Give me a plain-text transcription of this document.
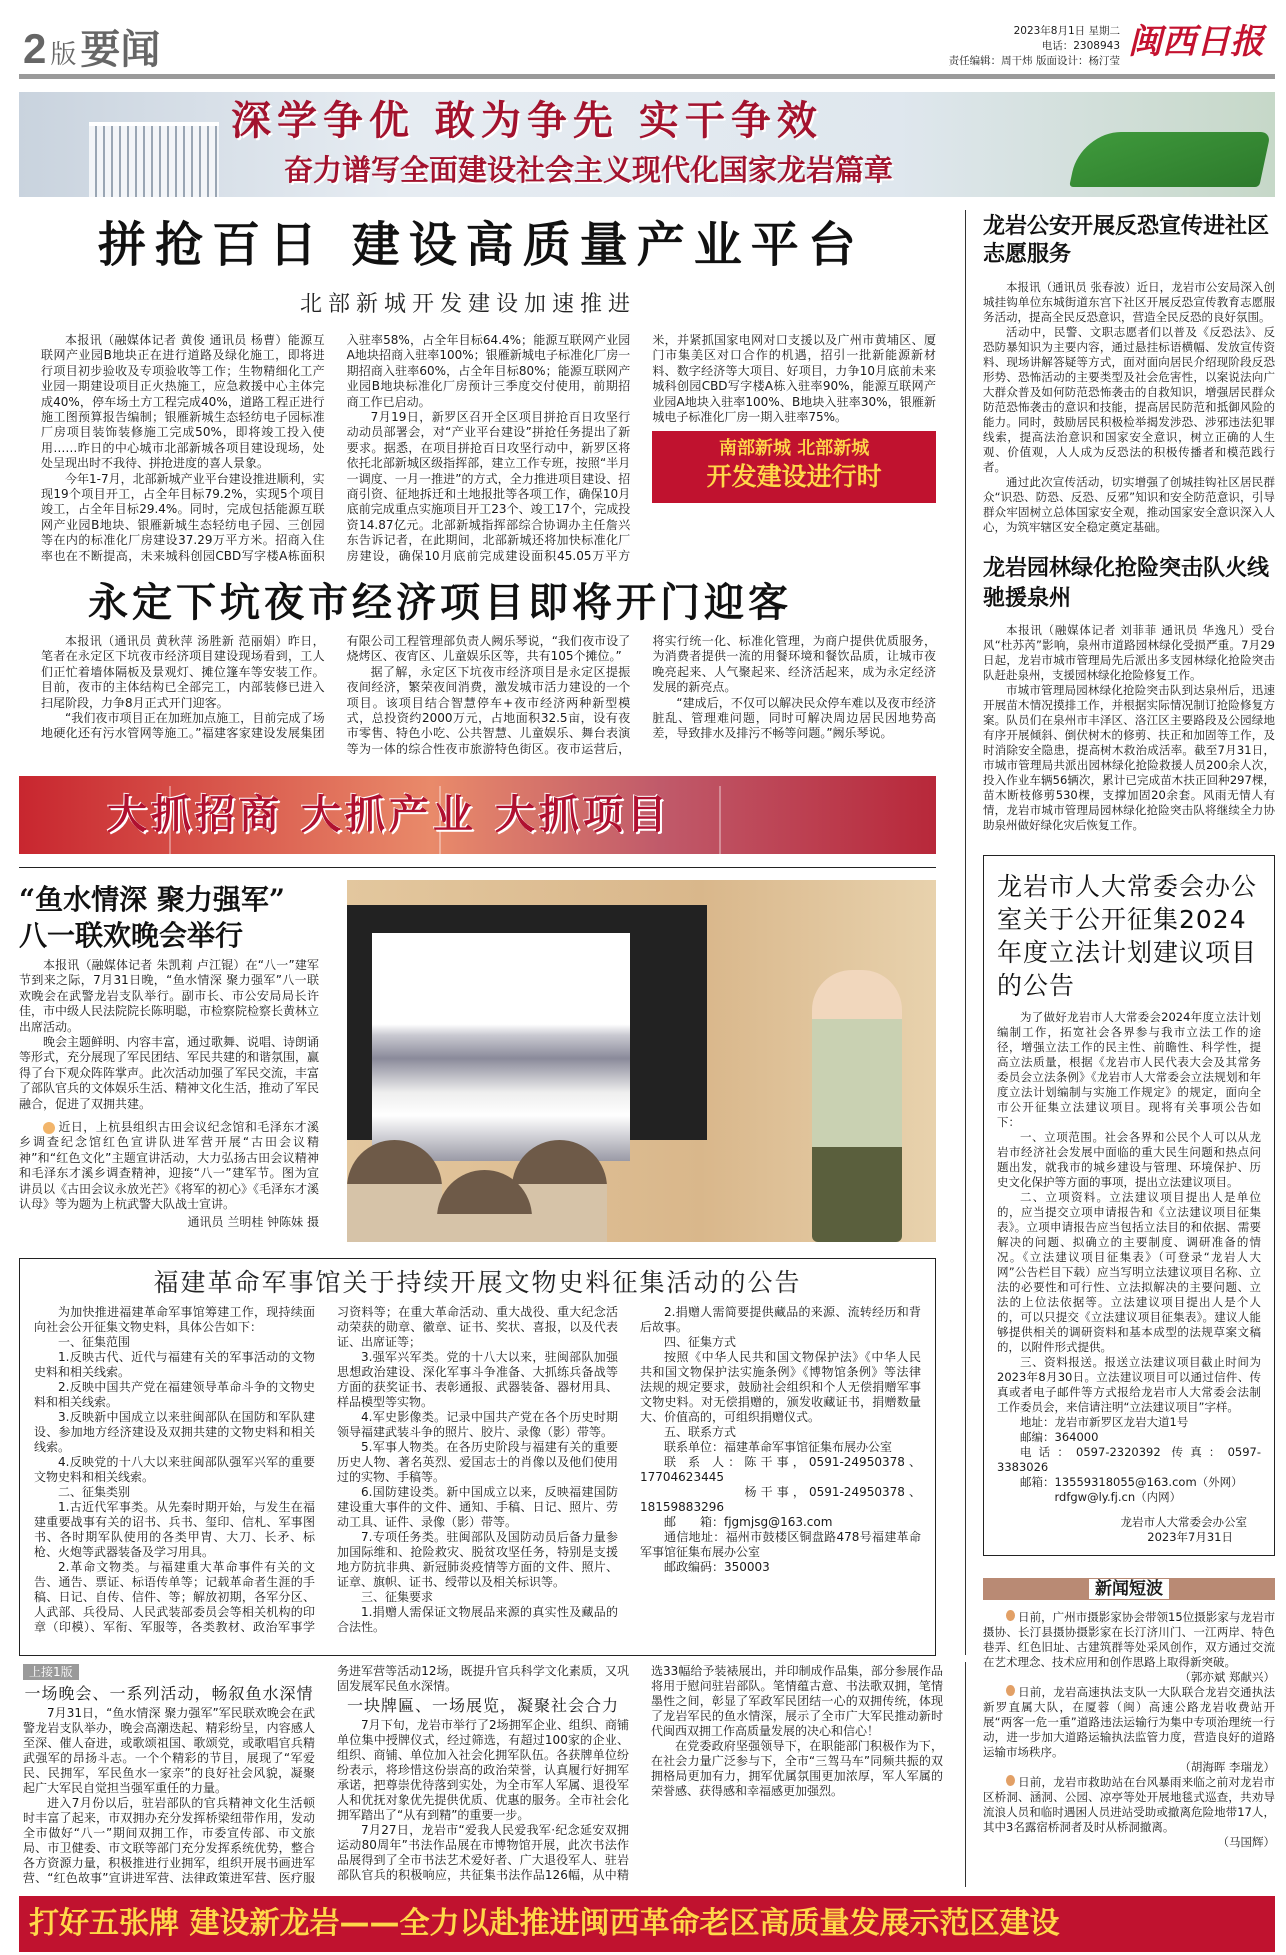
2 版 要闻	2023年8月1日 星期二
电话：2308943
责任编辑：周干炜 版面设计：杨汀莹 闽西日报
深学争优 敢为争先 实干争效
奋力谱写全面建设社会主义现代化国家龙岩篇章
拼抢百日 建设高质量产业平台
北部新城开发建设加速推进

本报讯（融媒体记者 黄俊 通讯员 杨曹）能源互联网产业园B地块正在进行道路及绿化施工，即将进行项目初步验收及专项验收等工作；生物精细化工产业园一期建设项目正火热施工，应急救援中心主体完成40%，停车场土方工程完成40%，道路工程正进行施工图预算报告编制；银雁新城生态轻纺电子园标准厂房项目装饰装修施工完成50%，即将竣工投入使用……昨日的中心城市北部新城各项目建设现场，处处呈现出时不我待、拼抢进度的喜人景象。

今年1-7月，北部新城产业平台建设推进顺利，实现19个项目开工，占全年目标79.2%，实现5个项目竣工，占全年目标29.4%。同时，完成包括能源互联网产业园B地块、银雁新城生态轻纺电子园、三创园等在内的标准化厂房建设37.29万平方米。招商入住率也在不断提高，未来城科创园CBD写字楼A栋面积入驻率58%，占全年目标64.4%；能源互联网产业园A地块招商入驻率100%；银雁新城电子标准化厂房一期招商入驻率60%，占全年目标80%；能源互联网产业园B地块标准化厂房预计三季度交付使用，前期招商工作已启动。

7月19日，新罗区召开全区项目拼抢百日攻坚行动动员部署会，对“产业平台建设”拼抢任务提出了新要求。据悉，在项目拼抢百日攻坚行动中，新罗区将依托北部新城区级指挥部，建立工作专班，按照“半月一调度、一月一推进”的方式，全力推进项目建设、招商引资、征地拆迁和土地报批等各项工作，确保10月底前完成重点实施项目开工23个、竣工17个，完成投资14.87亿元。北部新城指挥部综合协调办主任詹兴东告诉记者，在此期间，北部新城还将加快标准化厂房建设，确保10月底前完成建设面积45.05万平方米，并紧抓国家电网对口支援以及广州市黄埔区、厦门市集美区对口合作的机遇，招引一批新能源新材料、数字经济等大项目、好项目，力争10月底前未来城科创园CBD写字楼A栋入驻率90%，能源互联网产业园A地块入驻率100%、B地块入驻率30%，银雁新城电子标准化厂房一期入驻率75%。

南部新城 北部新城
开发建设进行时
永定下坑夜市经济项目即将开门迎客

本报讯（通讯员 黄秋萍 汤胜新 范丽娟）昨日，笔者在永定区下坑夜市经济项目建设现场看到，工人们正忙着墙体隔板及景观灯、摊位篷车等安装工作。目前，夜市的主体结构已全部完工，内部装修已进入扫尾阶段，力争8月正式开门迎客。

“我们夜市项目正在加班加点施工，目前完成了场地硬化还有污水管网等施工。”福建客家建设发展集团有限公司工程管理部负责人阙乐琴说，“我们夜市设了烧烤区、夜宵区、儿童娱乐区等，共有105个摊位。”

据了解，永定区下坑夜市经济项目是永定区提振夜间经济，繁荣夜间消费，激发城市活力建设的一个项目。该项目结合智慧停车+夜市经济两种新型模式，总投资约2000万元，占地面积32.5亩，设有夜市零售、特色小吃、公共智慧、儿童娱乐、舞台表演等为一体的综合性夜市旅游特色街区。夜市运营后，将实行统一化、标准化管理，为商户提供优质服务，为消费者提供一流的用餐环境和餐饮品质，让城市夜晚亮起来、人气聚起来、经济活起来，成为永定经济发展的新亮点。

“建成后，不仅可以解决民众停车难以及夜市经济脏乱、管理难问题，同时可解决周边居民因地势高差，导致排水及排污不畅等问题。”阙乐琴说。

大抓招商 大抓产业 大抓项目
“鱼水情深 聚力强军”
八一联欢晚会举行

本报讯（融媒体记者 朱凯莉 卢江锟）在“八一”建军节到来之际，7月31日晚，“鱼水情深 聚力强军”八一联欢晚会在武警龙岩支队举行。副市长、市公安局局长许佳，市中级人民法院院长陈明聪，市检察院检察长黄林立出席活动。

晚会主题鲜明、内容丰富，通过歌舞、说唱、诗朗诵等形式，充分展现了军民团结、军民共建的和谐氛围，赢得了台下观众阵阵掌声。此次活动加强了军民交流，丰富了部队官兵的文体娱乐生活、精神文化生活，推动了军民融合，促进了双拥共建。

近日，上杭县组织古田会议纪念馆和毛泽东才溪乡调查纪念馆红色宣讲队进军营开展“古田会议精神”和“红色文化”主题宣讲活动，大力弘扬古田会议精神和毛泽东才溪乡调查精神，迎接“八一”建军节。图为宣讲员以《古田会议永放光芒》《将军的初心》《毛泽东才溪认母》等为题为上杭武警大队战士宣讲。

通讯员 兰明桂 钟陈妹 摄
龙岩公安开展反恐宣传进社区志愿服务

本报讯（通讯员 张春波）近日，龙岩市公安局深入创城挂钩单位东城街道东宫下社区开展反恐宣传教育志愿服务活动，提高全民反恐意识，营造全民反恐的良好氛围。

活动中，民警、文职志愿者们以普及《反恐法》、反恐防暴知识为主要内容，通过悬挂标语横幅、发放宣传资料、现场讲解答疑等方式，面对面向居民介绍现阶段反恐形势、恐怖活动的主要类型及社会危害性，以案说法向广大群众普及如何防范恐怖袭击的自救知识，增强居民群众防范恐怖袭击的意识和技能，提高居民防范和抵御风险的能力。同时，鼓励居民积极检举揭发涉恐、涉邪违法犯罪线索，提高法治意识和国家安全意识，树立正确的人生观、价值观，人人成为反恐法的积极传播者和模范践行者。

通过此次宣传活动，切实增强了创城挂钩社区居民群众“识恐、防恐、反恐、反邪”知识和安全防范意识，引导群众牢固树立总体国家安全观，推动国家安全意识深入人心，为筑牢辖区安全稳定奠定基础。

龙岩园林绿化抢险突击队火线驰援泉州

本报讯（融媒体记者 刘菲菲 通讯员 华逸凡）受台风“杜苏芮”影响，泉州市道路园林绿化受损严重。7月29日起，龙岩市城市管理局先后派出多支园林绿化抢险突击队赶赴泉州，支援园林绿化抢险修复工作。

市城市管理局园林绿化抢险突击队到达泉州后，迅速开展苗木情况摸排工作，并根据实际情况制订抢险修复方案。队员们在泉州市丰泽区、洛江区主要路段及公园绿地有序开展倾斜、倒伏树木的修剪、扶正和加固等工作，及时消除安全隐患，提高树木救治成活率。截至7月31日，市城市管理局共派出园林绿化抢险救援人员200余人次，投入作业车辆56辆次，累计已完成苗木扶正回种297棵，苗木断枝修剪530棵，支撑加固20余套。风雨无情人有情，龙岩市城市管理局园林绿化抢险突击队将继续全力协助泉州做好绿化灾后恢复工作。

龙岩市人大常委会办公室关于公开征集2024年度立法计划建议项目的公告

为了做好龙岩市人大常委会2024年度立法计划编制工作，拓宽社会各界参与我市立法工作的途径，增强立法工作的民主性、前瞻性、科学性，提高立法质量，根据《龙岩市人民代表大会及其常务委员会立法条例》《龙岩市人大常委会立法规划和年度立法计划编制与实施工作规定》的规定，面向全市公开征集立法建议项目。现将有关事项公告如下：

一、立项范围。社会各界和公民个人可以从龙岩市经济社会发展中面临的重大民生问题和热点问题出发，就我市的城乡建设与管理、环境保护、历史文化保护等方面的事项，提出立法建议项目。

二、立项资料。立法建议项目提出人是单位的，应当提交立项申请报告和《立法建议项目征集表》。立项申请报告应当包括立法目的和依据、需要解决的问题、拟确立的主要制度、调研准备的情况。《立法建议项目征集表》（可登录“龙岩人大网”公告栏目下载）应当写明立法建议项目名称、立法的必要性和可行性、立法拟解决的主要问题、立法的上位法依据等。立法建议项目提出人是个人的，可以只提交《立法建议项目征集表》。建议人能够提供相关的调研资料和基本成型的法规草案文稿的，以附件形式提供。

三、资料报送。报送立法建议项目截止时间为2023年8月30日。立法建议项目可以通过信件、传真或者电子邮件等方式报给龙岩市人大常委会法制工作委员会，来信请注明“立法建议项目”字样。

地址：龙岩市新罗区龙岩大道1号

邮编：364000

电话：0597-2320392 传真：0597-3383026

邮箱：13559318055@163.com（外网）

　　　rdfgw@ly.fj.cn（内网）

龙岩市人大常委会办公室
2023年7月31日
新闻短波

日前，广州市摄影家协会带领15位摄影家与龙岩市摄协、长汀县摄协摄影家在长汀济川门、一江两岸、特色巷弄、红色旧址、古建筑群等处采风创作，双方通过交流在艺术理念、技术应用和创作思路上取得新突破。

（郭亦斌 郑献兴）

日前，龙岩高速执法支队一大队联合龙岩交通执法新罗直属大队，在厦蓉（闽）高速公路龙岩收费站开展“两客一危一重”道路违法运输行为集中专项治理统一行动，进一步加大道路运输执法监管力度，营造良好的道路运输市场秩序。

（胡海晖 李瑞龙）

日前，龙岩市救助站在台风暴雨来临之前对龙岩市区桥洞、涵洞、公园、凉亭等处开展地毯式巡查，共劝导流浪人员和临时遇困人员进站受助或撤离危险地带17人，其中3名露宿桥洞者及时从桥洞撤离。

（马国辉）
福建革命军事馆关于持续开展文物史料征集活动的公告

为加快推进福建革命军事馆筹建工作，现持续面向社会公开征集文物史料，具体公告如下：

一、征集范围

1.反映古代、近代与福建有关的军事活动的文物史料和相关线索。

2.反映中国共产党在福建领导革命斗争的文物史料和相关线索。

3.反映新中国成立以来驻闽部队在国防和军队建设、参加地方经济建设及双拥共建的文物史料和相关线索。

4.反映党的十八大以来驻闽部队强军兴军的重要文物史料和相关线索。

二、征集类别

1.古近代军事类。从先秦时期开始，与发生在福建重要战事有关的诏书、兵书、玺印、信札、军事图书、各时期军队使用的各类甲胄、大刀、长矛、标枪、火炮等武器装备及学习用具。

2.革命文物类。与福建重大革命事件有关的文告、通告、票证、标语传单等；记载革命者生涯的手稿、日记、自传、信件、等；解放初期，各军分区、人武部、兵役局、人民武装部委员会等相关机构的印章（印模）、军衔、军服等，各类教材、政治军事学习资料等；在重大革命活动、重大战役、重大纪念活动荣获的勋章、徽章、证书、奖状、喜报，以及代表证、出席证等；

3.强军兴军类。党的十八大以来，驻闽部队加强思想政治建设、深化军事斗争准备、大抓练兵备战等方面的获奖证书、表彰通报、武器装备、器材用具、样品模型等实物。

4.军史影像类。记录中国共产党在各个历史时期领导福建武装斗争的照片、胶片、录像（影）带等。

5.军事人物类。在各历史阶段与福建有关的重要历史人物、著名英烈、爱国志士的肖像以及他们使用过的实物、手稿等。

6.国防建设类。新中国成立以来，反映福建国防建设重大事件的文件、通知、手稿、日记、照片、劳动工具、证件、录像（影）带等。

7.专项任务类。驻闽部队及国防动员后备力量参加国际维和、抢险救灾、脱贫攻坚任务，特别是支援地方防抗非典、新冠肺炎疫情等方面的文件、照片、证章、旗帜、证书、绶带以及相关标识等。

三、征集要求

1.捐赠人需保证文物展品来源的真实性及藏品的合法性。

2.捐赠人需简要提供藏品的来源、流转经历和背后故事。

四、征集方式

按照《中华人民共和国文物保护法》《中华人民共和国文物保护法实施条例》《博物馆条例》等法律法规的规定要求，鼓励社会组织和个人无偿捐赠军事文物史料。对无偿捐赠的，颁发收藏证书，捐赠数量大、价值高的，可组织捐赠仪式。

五、联系方式

联系单位：福建革命军事馆征集布展办公室

联 系 人：陈干事，0591-24950378、17704623445

　　　　　杨干事，0591-24950378、18159883296

邮　　箱：fjgmjsg@163.com

通信地址：福州市鼓楼区铜盘路478号福建革命军事馆征集布展办公室

邮政编码：350003

上接1版
一场晚会、一系列活动，畅叙鱼水深情

7月31日，“鱼水情深 聚力强军”军民联欢晚会在武警龙岩支队举办，晚会高潮迭起、精彩纷呈，内容感人至深、催人奋进，或歌颂祖国、歌颂党，或歌唱官兵精武强军的昂扬斗志。一个个精彩的节目，展现了“军爱民、民拥军，军民鱼水一家亲”的良好社会风貌，凝聚起广大军民自觉担当强军重任的力量。

进入7月份以后，驻岩部队的官兵精神文化生活顿时丰富了起来，市双拥办充分发挥桥梁纽带作用，发动全市做好“八一”期间双拥工作，市委宣传部、市文旅局、市卫健委、市文联等部门充分发挥系统优势，整合各方资源力量，积极推进行业拥军，组织开展书画进军营、“红色故事”宣讲进军营、法律政策进军营、医疗服务进军营等活动12场，既提升官兵科学文化素质，又巩固发展军民鱼水深情。

一块牌匾、一场展览，凝聚社会合力

7月下旬，龙岩市举行了2场拥军企业、组织、商铺单位集中授牌仪式，经过筛选，有超过100家的企业、组织、商铺、单位加入社会化拥军队伍。各获牌单位纷纷表示，将珍惜这份崇高的政治荣誉，认真履行好拥军承诺，把尊崇优待落到实处，为全市军人军属、退役军人和优抚对象优先提供优质、优惠的服务。全市社会化拥军踏出了“从有到精”的重要一步。

7月27日，龙岩市“爱我人民爱我军·纪念延安双拥运动80周年”书法作品展在市博物馆开展，此次书法作品展得到了全市书法艺术爱好者、广大退役军人、驻岩部队官兵的积极响应，共征集书法作品126幅，从中精选33幅给予装裱展出，并印制成作品集，部分参展作品将用于慰问驻岩部队。笔情蕴古意、书法歌双拥，笔情墨性之间，彰显了军政军民团结一心的双拥传统，体现了龙岩军民的鱼水情深，展示了全市广大军民推动新时代闽西双拥工作高质量发展的决心和信心！

在党委政府坚强领导下，在职能部门积极作为下，在社会力量广泛参与下，全市“三驾马车”同频共振的双拥格局更加有力，拥军优属氛围更加浓厚，军人军属的荣誉感、获得感和幸福感更加强烈。

打好五张牌 建设新龙岩——全力以赴推进闽西革命老区高质量发展示范区建设
